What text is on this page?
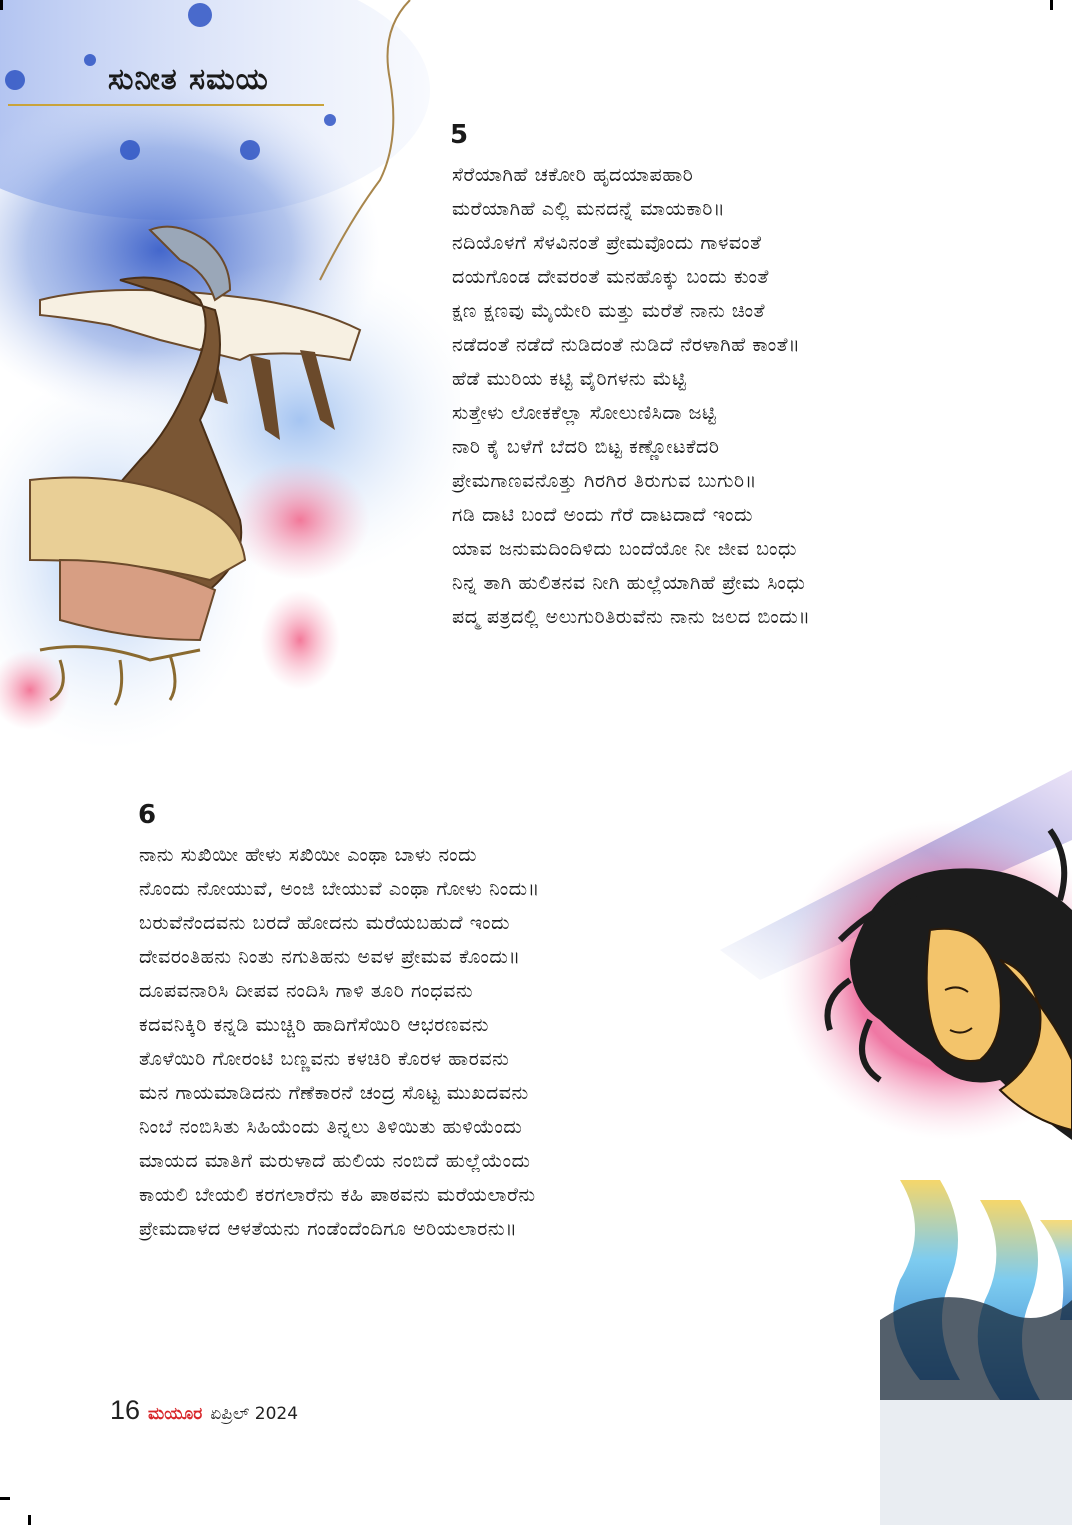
ಸುನೀತ ಸಮಯ
5
ಸೆರೆಯಾಗಿಹೆ ಚಕೋರಿ ಹೃದಯಾಪಹಾರಿ
ಮರೆಯಾಗಿಹೆ ಎಲ್ಲಿ ಮನದನ್ನೆ ಮಾಯಕಾರಿ॥
ನದಿಯೊಳಗೆ ಸೆಳವಿನಂತೆ ಪ್ರೇಮವೊಂದು ಗಾಳವಂತೆ
ದಯಗೊಂಡ ದೇವರಂತೆ ಮನಹೊಕ್ಕು ಬಂದು ಕುಂತೆ
ಕ್ಷಣ ಕ್ಷಣವು ಮೈಯೇರಿ ಮತ್ತು ಮರೆತೆ ನಾನು ಚಿಂತೆ
ನಡೆದಂತೆ ನಡೆದೆ ನುಡಿದಂತೆ ನುಡಿದೆ ನೆರಳಾಗಿಹೆ ಕಾಂತೆ॥
ಹೆಡೆ ಮುರಿಯ ಕಟ್ಟಿ ವೈರಿಗಳನು ಮೆಟ್ಟಿ
ಸುತ್ತೇಳು ಲೋಕಕೆಲ್ಲಾ ಸೋಲುಣಿಸಿದಾ ಜಟ್ಟಿ
ನಾರಿ ಕೈ ಬಳೆಗೆ ಬೆದರಿ ಬಿಟ್ಟ ಕಣ್ಣೋಟಕೆದರಿ
ಪ್ರೇಮಗಾಣವನೊತ್ತು ಗಿರಗಿರ ತಿರುಗುವ ಬುಗುರಿ॥
ಗಡಿ ದಾಟಿ ಬಂದೆ ಅಂದು ಗೆರೆ ದಾಟದಾದೆ ಇಂದು
ಯಾವ ಜನುಮದಿಂದಿಳಿದು ಬಂದೆಯೋ ನೀ ಜೀವ ಬಂಧು
ನಿನ್ನ ತಾಗಿ ಹುಲಿತನವ ನೀಗಿ ಹುಲ್ಲೆಯಾಗಿಹೆ ಪ್ರೇಮ ಸಿಂಧು
ಪದ್ಮ ಪತ್ರದಲ್ಲಿ ಅಲುಗುರಿತಿರುವೆನು ನಾನು ಜಲದ ಬಿಂದು॥
6
ನಾನು ಸುಖಿಯೀ ಹೇಳು ಸಖಿಯೀ ಎಂಥಾ ಬಾಳು ನಂದು
ನೊಂದು ನೋಯುವೆ, ಅಂಜಿ ಬೇಯುವೆ ಎಂಥಾ ಗೋಳು ನಿಂದು॥
ಬರುವೆನೆಂದವನು ಬರದೆ ಹೋದನು ಮರೆಯಬಹುದೆ ಇಂದು
ದೇವರಂತಿಹನು ನಿಂತು ನಗುತಿಹನು ಅವಳ ಪ್ರೇಮವ ಕೊಂದು॥
ದೂಪವನಾರಿಸಿ ದೀಪವ ನಂದಿಸಿ ಗಾಳಿ ತೂರಿ ಗಂಧವನು
ಕದವನಿಕ್ಕಿರಿ ಕನ್ನಡಿ ಮುಚ್ಚಿರಿ ಹಾದಿಗೆಸೆಯಿರಿ ಆಭರಣವನು
ತೊಳೆಯಿರಿ ಗೋರಂಟಿ ಬಣ್ಣವನು ಕಳಚಿರಿ ಕೊರಳ ಹಾರವನು
ಮನ ಗಾಯಮಾಡಿದನು ಗೆಣೆಕಾರನೆ ಚಂದ್ರ ಸೊಟ್ಟ ಮುಖದವನು
ನಿಂಬೆ ನಂಬಿಸಿತು ಸಿಹಿಯೆಂದು ತಿನ್ನಲು ತಿಳಿಯಿತು ಹುಳಿಯೆಂದು
ಮಾಯದ ಮಾತಿಗೆ ಮರುಳಾದೆ ಹುಲಿಯ ನಂಬಿದೆ ಹುಲ್ಲೆಯೆಂದು
ಕಾಯಲಿ ಬೇಯಲಿ ಕರಗಲಾರೆನು ಕಹಿ ಪಾಠವನು ಮರೆಯಲಾರೆನು
ಪ್ರೇಮದಾಳದ ಆಳತೆಯನು ಗಂಡೆಂದೆಂದಿಗೂ ಅರಿಯಲಾರನು॥
16 ಮಯೂರ ಏಪ್ರಿಲ್ 2024
